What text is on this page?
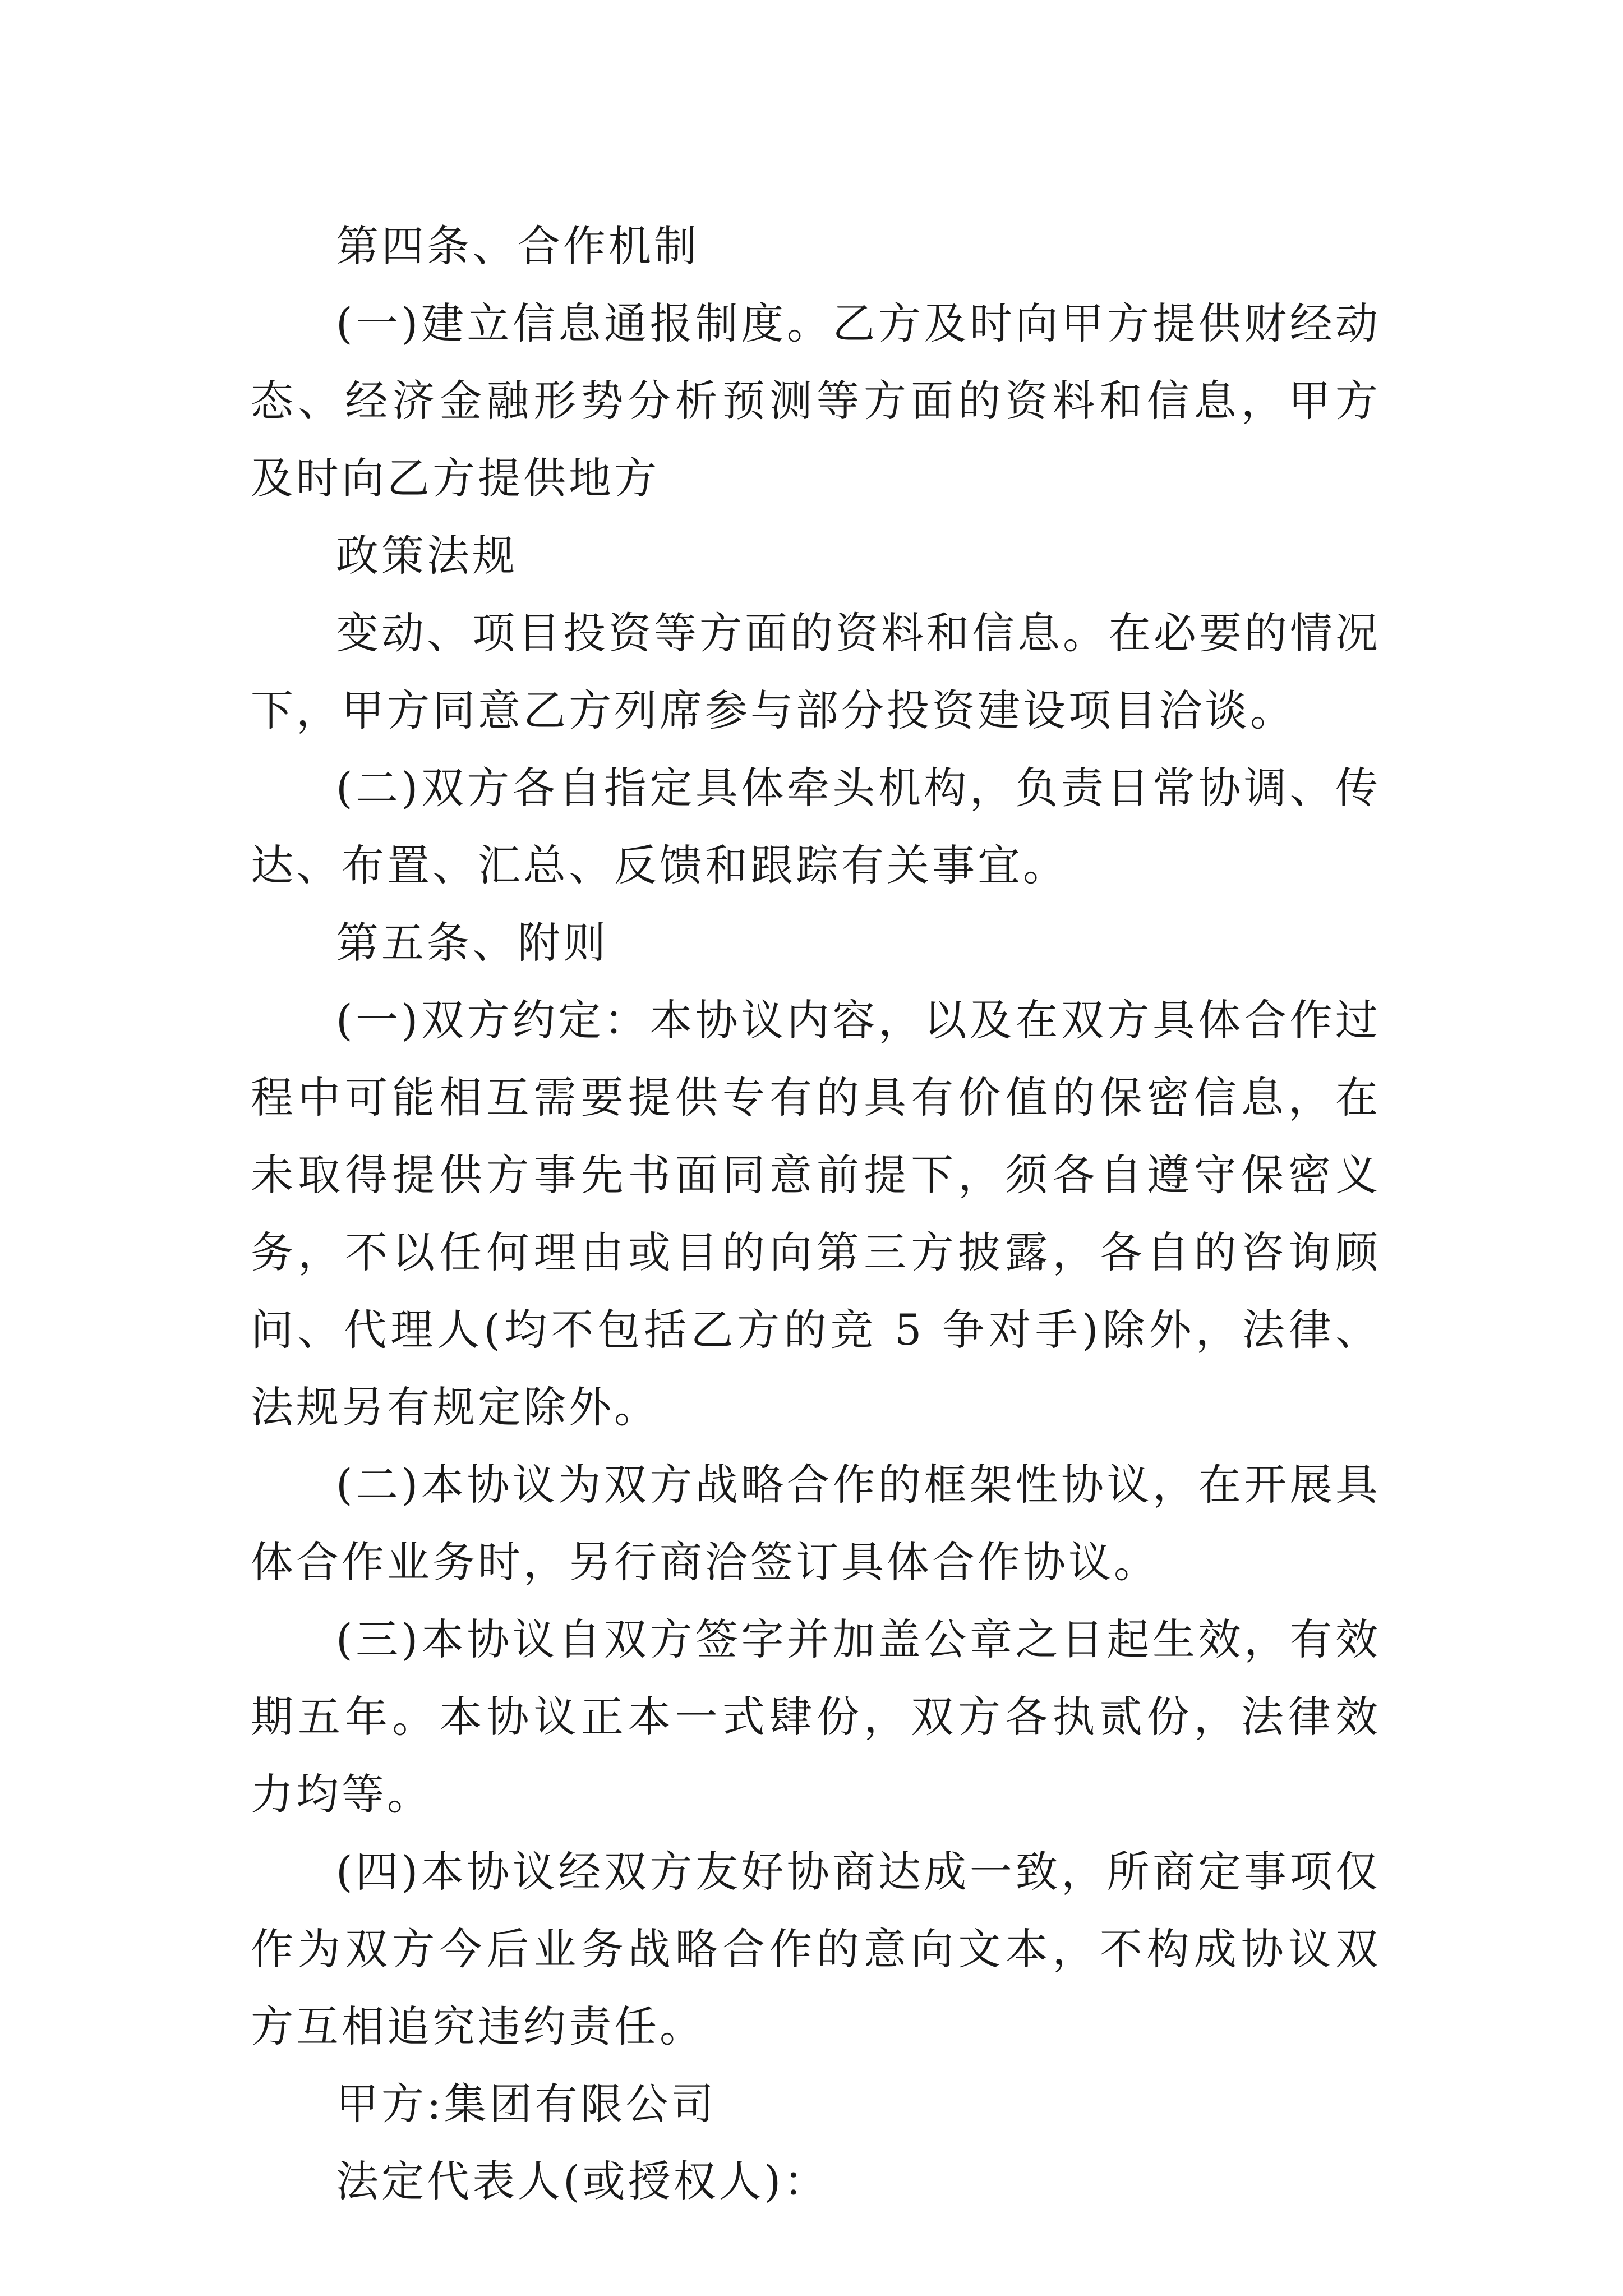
第四条、合作机制

(一)建立信息通报制度。乙方及时向甲方提供财经动态、经济金融形势分析预测等方面的资料和信息，甲方及时向乙方提供地方

政策法规

变动、项目投资等方面的资料和信息。在必要的情况下，甲方同意乙方列席参与部分投资建设项目洽谈。

(二)双方各自指定具体牵头机构，负责日常协调、传达、布置、汇总、反馈和跟踪有关事宜。

第五条、附则

(一)双方约定：本协议内容，以及在双方具体合作过程中可能相互需要提供专有的具有价值的保密信息，在未取得提供方事先书面同意前提下，须各自遵守保密义务，不以任何理由或目的向第三方披露，各自的咨询顾问、代理人(均不包括乙方的竞 5 争对手)除外，法律、法规另有规定除外。

(二)本协议为双方战略合作的框架性协议，在开展具体合作业务时，另行商洽签订具体合作协议。

(三)本协议自双方签字并加盖公章之日起生效，有效期五年。本协议正本一式肆份，双方各执贰份，法律效力均等。

(四)本协议经双方友好协商达成一致，所商定事项仅作为双方今后业务战略合作的意向文本，不构成协议双方互相追究违约责任。

甲方:集团有限公司

法定代表人(或授权人)：
